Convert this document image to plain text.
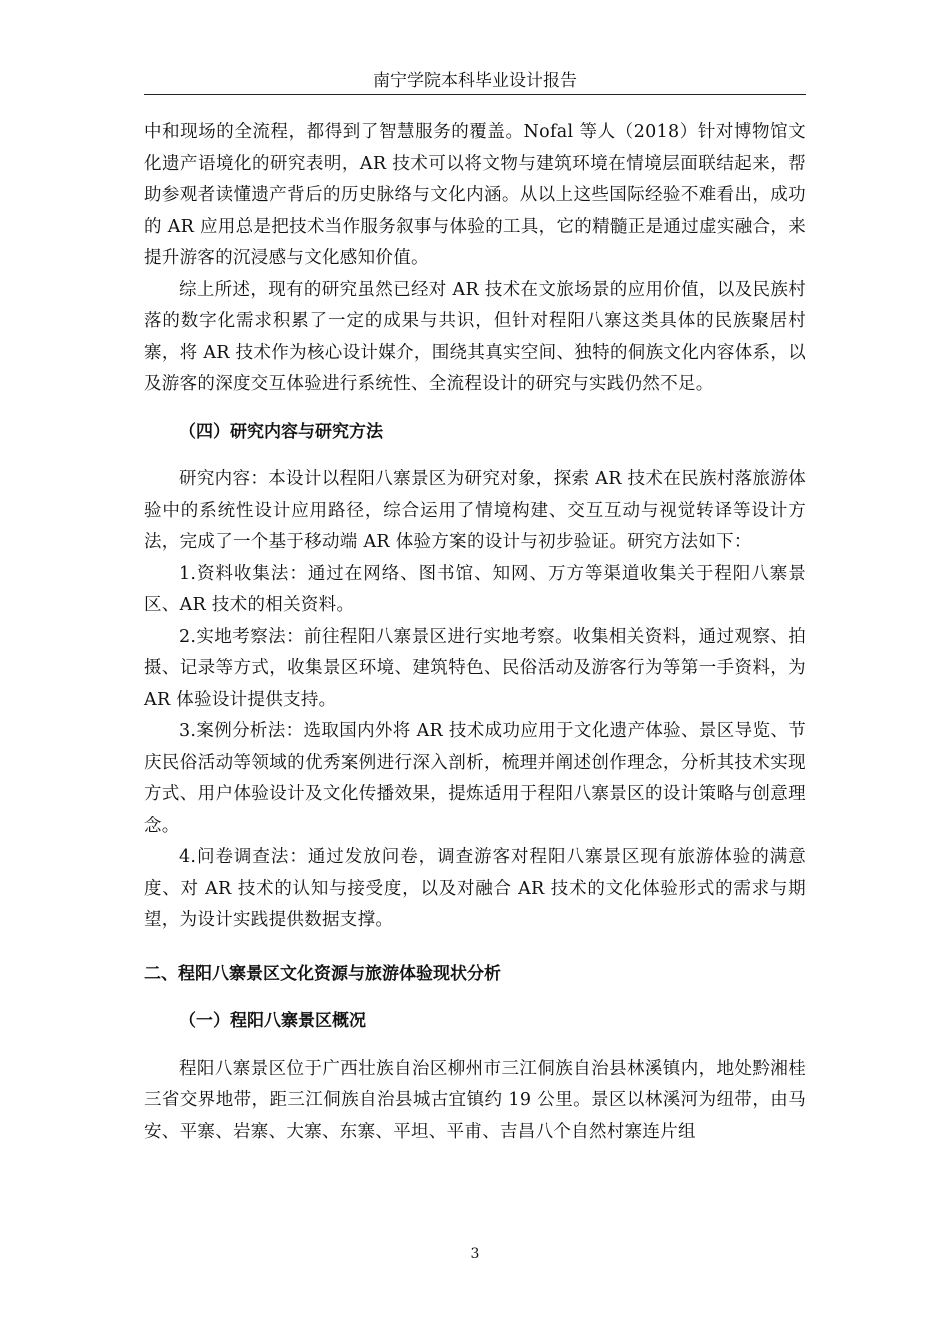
南宁学院本科毕业设计报告

中和现场的全流程，都得到了智慧服务的覆盖。Nofal 等人（2018）针对博物馆文化遗产语境化的研究表明，AR 技术可以将文物与建筑环境在情境层面联结起来，帮助参观者读懂遗产背后的历史脉络与文化内涵。从以上这些国际经验不难看出，成功的 AR 应用总是把技术当作服务叙事与体验的工具，它的精髓正是通过虚实融合，来提升游客的沉浸感与文化感知价值。

综上所述，现有的研究虽然已经对 AR 技术在文旅场景的应用价值，以及民族村落的数字化需求积累了一定的成果与共识，但针对程阳八寨这类具体的民族聚居村寨，将 AR 技术作为核心设计媒介，围绕其真实空间、独特的侗族文化内容体系，以及游客的深度交互体验进行系统性、全流程设计的研究与实践仍然不足。

（四）研究内容与研究方法

研究内容：本设计以程阳八寨景区为研究对象，探索 AR 技术在民族村落旅游体验中的系统性设计应用路径，综合运用了情境构建、交互互动与视觉转译等设计方法，完成了一个基于移动端 AR 体验方案的设计与初步验证。研究方法如下：

1.资料收集法：通过在网络、图书馆、知网、万方等渠道收集关于程阳八寨景区、AR 技术的相关资料。

2.实地考察法：前往程阳八寨景区进行实地考察。收集相关资料，通过观察、拍摄、记录等方式，收集景区环境、建筑特色、民俗活动及游客行为等第一手资料，为 AR 体验设计提供支持。

3.案例分析法：选取国内外将 AR 技术成功应用于文化遗产体验、景区导览、节庆民俗活动等领域的优秀案例进行深入剖析，梳理并阐述创作理念，分析其技术实现方式、用户体验设计及文化传播效果，提炼适用于程阳八寨景区的设计策略与创意理念。

4.问卷调查法：通过发放问卷，调查游客对程阳八寨景区现有旅游体验的满意度、对 AR 技术的认知与接受度，以及对融合 AR 技术的文化体验形式的需求与期望，为设计实践提供数据支撑。

二、程阳八寨景区文化资源与旅游体验现状分析

（一）程阳八寨景区概况

程阳八寨景区位于广西壮族自治区柳州市三江侗族自治县林溪镇内，地处黔湘桂三省交界地带，距三江侗族自治县城古宜镇约 19 公里。景区以林溪河为纽带，由马安、平寨、岩寨、大寨、东寨、平坦、平甫、吉昌八个自然村寨连片组

3
